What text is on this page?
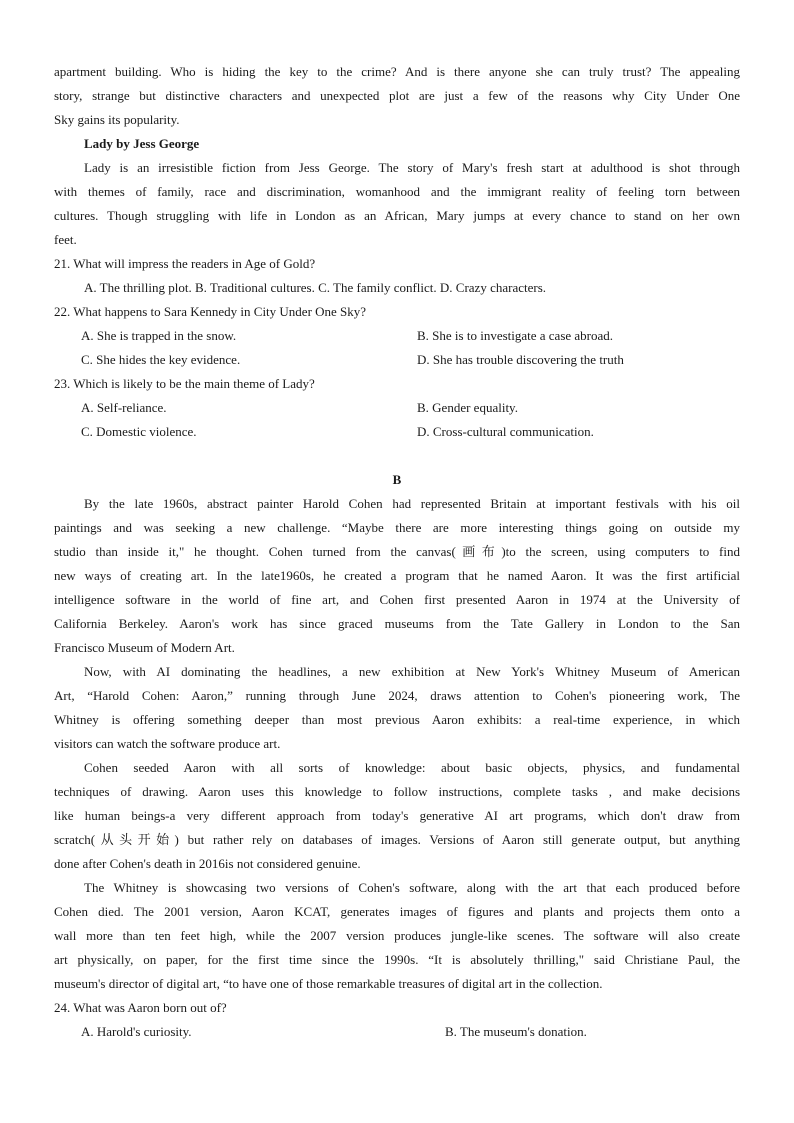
apartment building. Who is hiding the key to the crime? And is there anyone she can truly trust? The appealing
story, strange but distinctive characters and unexpected plot are just a few of the reasons why City Under One
Sky gains its popularity.
Lady by Jess George
Lady is an irresistible fiction from Jess George. The story of Mary's fresh start at adulthood is shot through
with themes of family, race and discrimination, womanhood and the immigrant reality of feeling torn between
cultures. Though struggling with life in London as an African, Mary jumps at every chance to stand on her own
feet.
21. What will impress the readers in Age of Gold?
A. The thrilling plot. B. Traditional cultures. C. The family conflict. D. Crazy characters.
22. What happens to Sara Kennedy in City Under One Sky?
A. She is trapped in the snow.	B. She is to investigate a case abroad.
C. She hides the key evidence.	D. She has trouble discovering the truth
23. Which is likely to be the main theme of Lady?
A. Self-reliance.	B. Gender equality.
C. Domestic violence.	D. Cross-cultural communication.
B
By the late 1960s, abstract painter Harold Cohen had represented Britain at important festivals with his oil
paintings and was seeking a new challenge. “Maybe there are more interesting things going on outside my
studio than inside it," he thought. Cohen turned from the canvas(画布)to the screen, using computers to find
new ways of creating art. In the late1960s, he created a program that he named Aaron. It was the first artificial
intelligence software in the world of fine art, and Cohen first presented Aaron in 1974 at the University of
California Berkeley. Aaron's work has since graced museums from the Tate Gallery in London to the San
Francisco Museum of Modern Art.
Now, with AI dominating the headlines, a new exhibition at New York's Whitney Museum of American
Art, “Harold Cohen: Aaron,” running through June 2024, draws attention to Cohen's pioneering work, The
Whitney is offering something deeper than most previous Aaron exhibits: a real-time experience, in which
visitors can watch the software produce art.
Cohen seeded Aaron with all sorts of knowledge: about basic objects, physics, and fundamental
techniques of drawing. Aaron uses this knowledge to follow instructions, complete tasks , and make decisions
like human beings-a very different approach from today's generative AI art programs, which don't draw from
scratch(从头开始) but rather rely on databases of images. Versions of Aaron still generate output, but anything
done after Cohen's death in 2016is not considered genuine.
The Whitney is showcasing two versions of Cohen's software, along with the art that each produced before
Cohen died. The 2001 version, Aaron KCAT, generates images of figures and plants and projects them onto a
wall more than ten feet high, while the 2007 version produces jungle-like scenes. The software will also create
art physically, on paper, for the first time since the 1990s. “It is absolutely thrilling," said Christiane Paul, the
museum's director of digital art, “to have one of those remarkable treasures of digital art in the collection.
24. What was Aaron born out of?
A. Harold's curiosity.	B. The museum's donation.
